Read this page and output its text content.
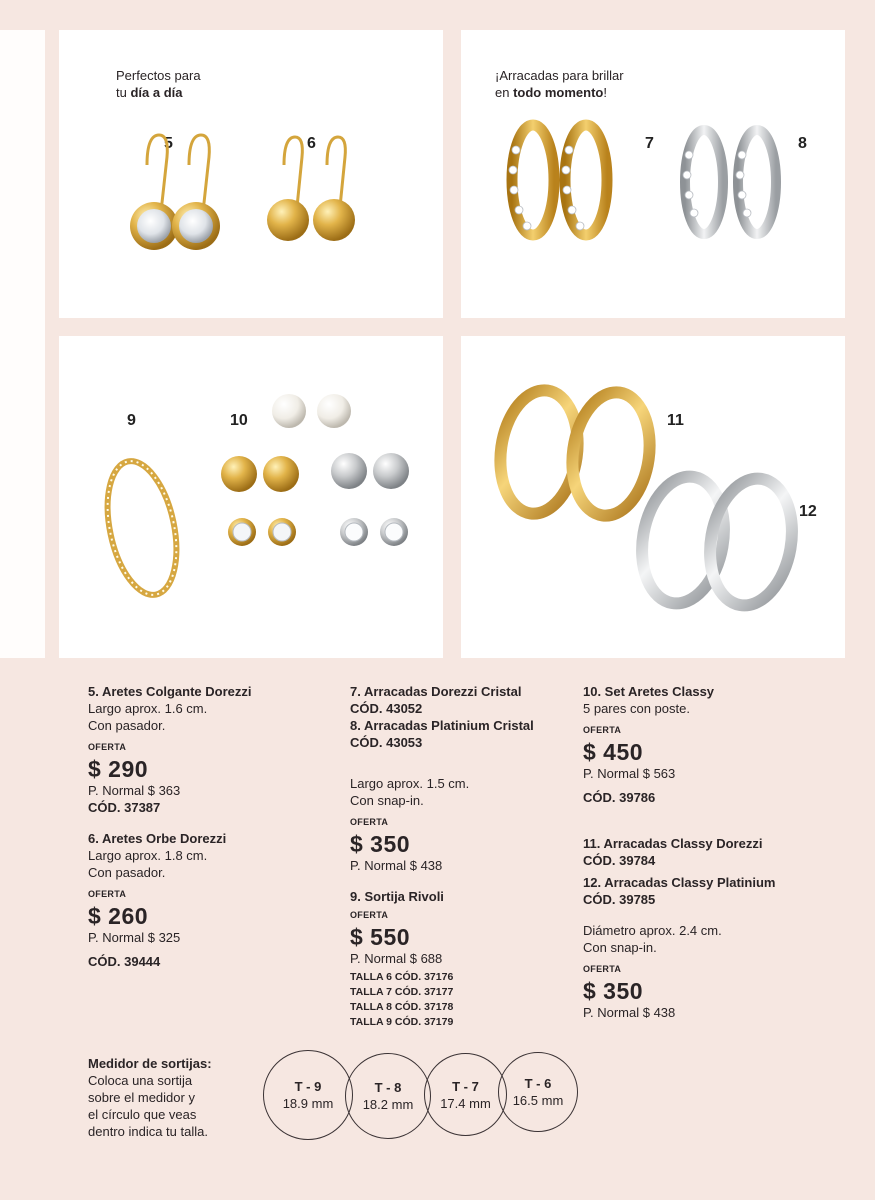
Perfectos para
tu día a día
5	6
¡Arracadas para brillar
en todo momento!
7	8
9	10	11
12
5. Aretes Colgante Dorezzi
Largo aprox. 1.6 cm.
Con pasador.
OFERTA
$ 290
P. Normal $ 363
CÓD. 37387
6. Aretes Orbe Dorezzi
Largo aprox. 1.8 cm.
Con pasador.
OFERTA
$ 260
P. Normal $ 325
CÓD. 39444
7. Arracadas Dorezzi Cristal
CÓD. 43052
8. Arracadas Platinium Cristal
CÓD. 43053
Largo aprox. 1.5 cm.
Con snap-in.
OFERTA
$ 350
P. Normal $ 438
9. Sortija Rivoli
OFERTA
$ 550
P. Normal $ 688
TALLA 6 CÓD. 37176
TALLA 7 CÓD. 37177
TALLA 8 CÓD. 37178
TALLA 9 CÓD. 37179
10. Set Aretes Classy
5 pares con poste.
OFERTA
$ 450
P. Normal $ 563
CÓD. 39786
11. Arracadas Classy Dorezzi
CÓD. 39784
12. Arracadas Classy Platinium
CÓD. 39785
Diámetro aprox. 2.4 cm.
Con snap-in.
OFERTA
$ 350
P. Normal $ 438
Medidor de sortijas:
Coloca una sortija
sobre el medidor y
el círculo que veas
dentro indica tu talla.
T - 9
18.9 mm
T - 8
18.2 mm
T - 7
17.4 mm
T - 6
16.5 mm
